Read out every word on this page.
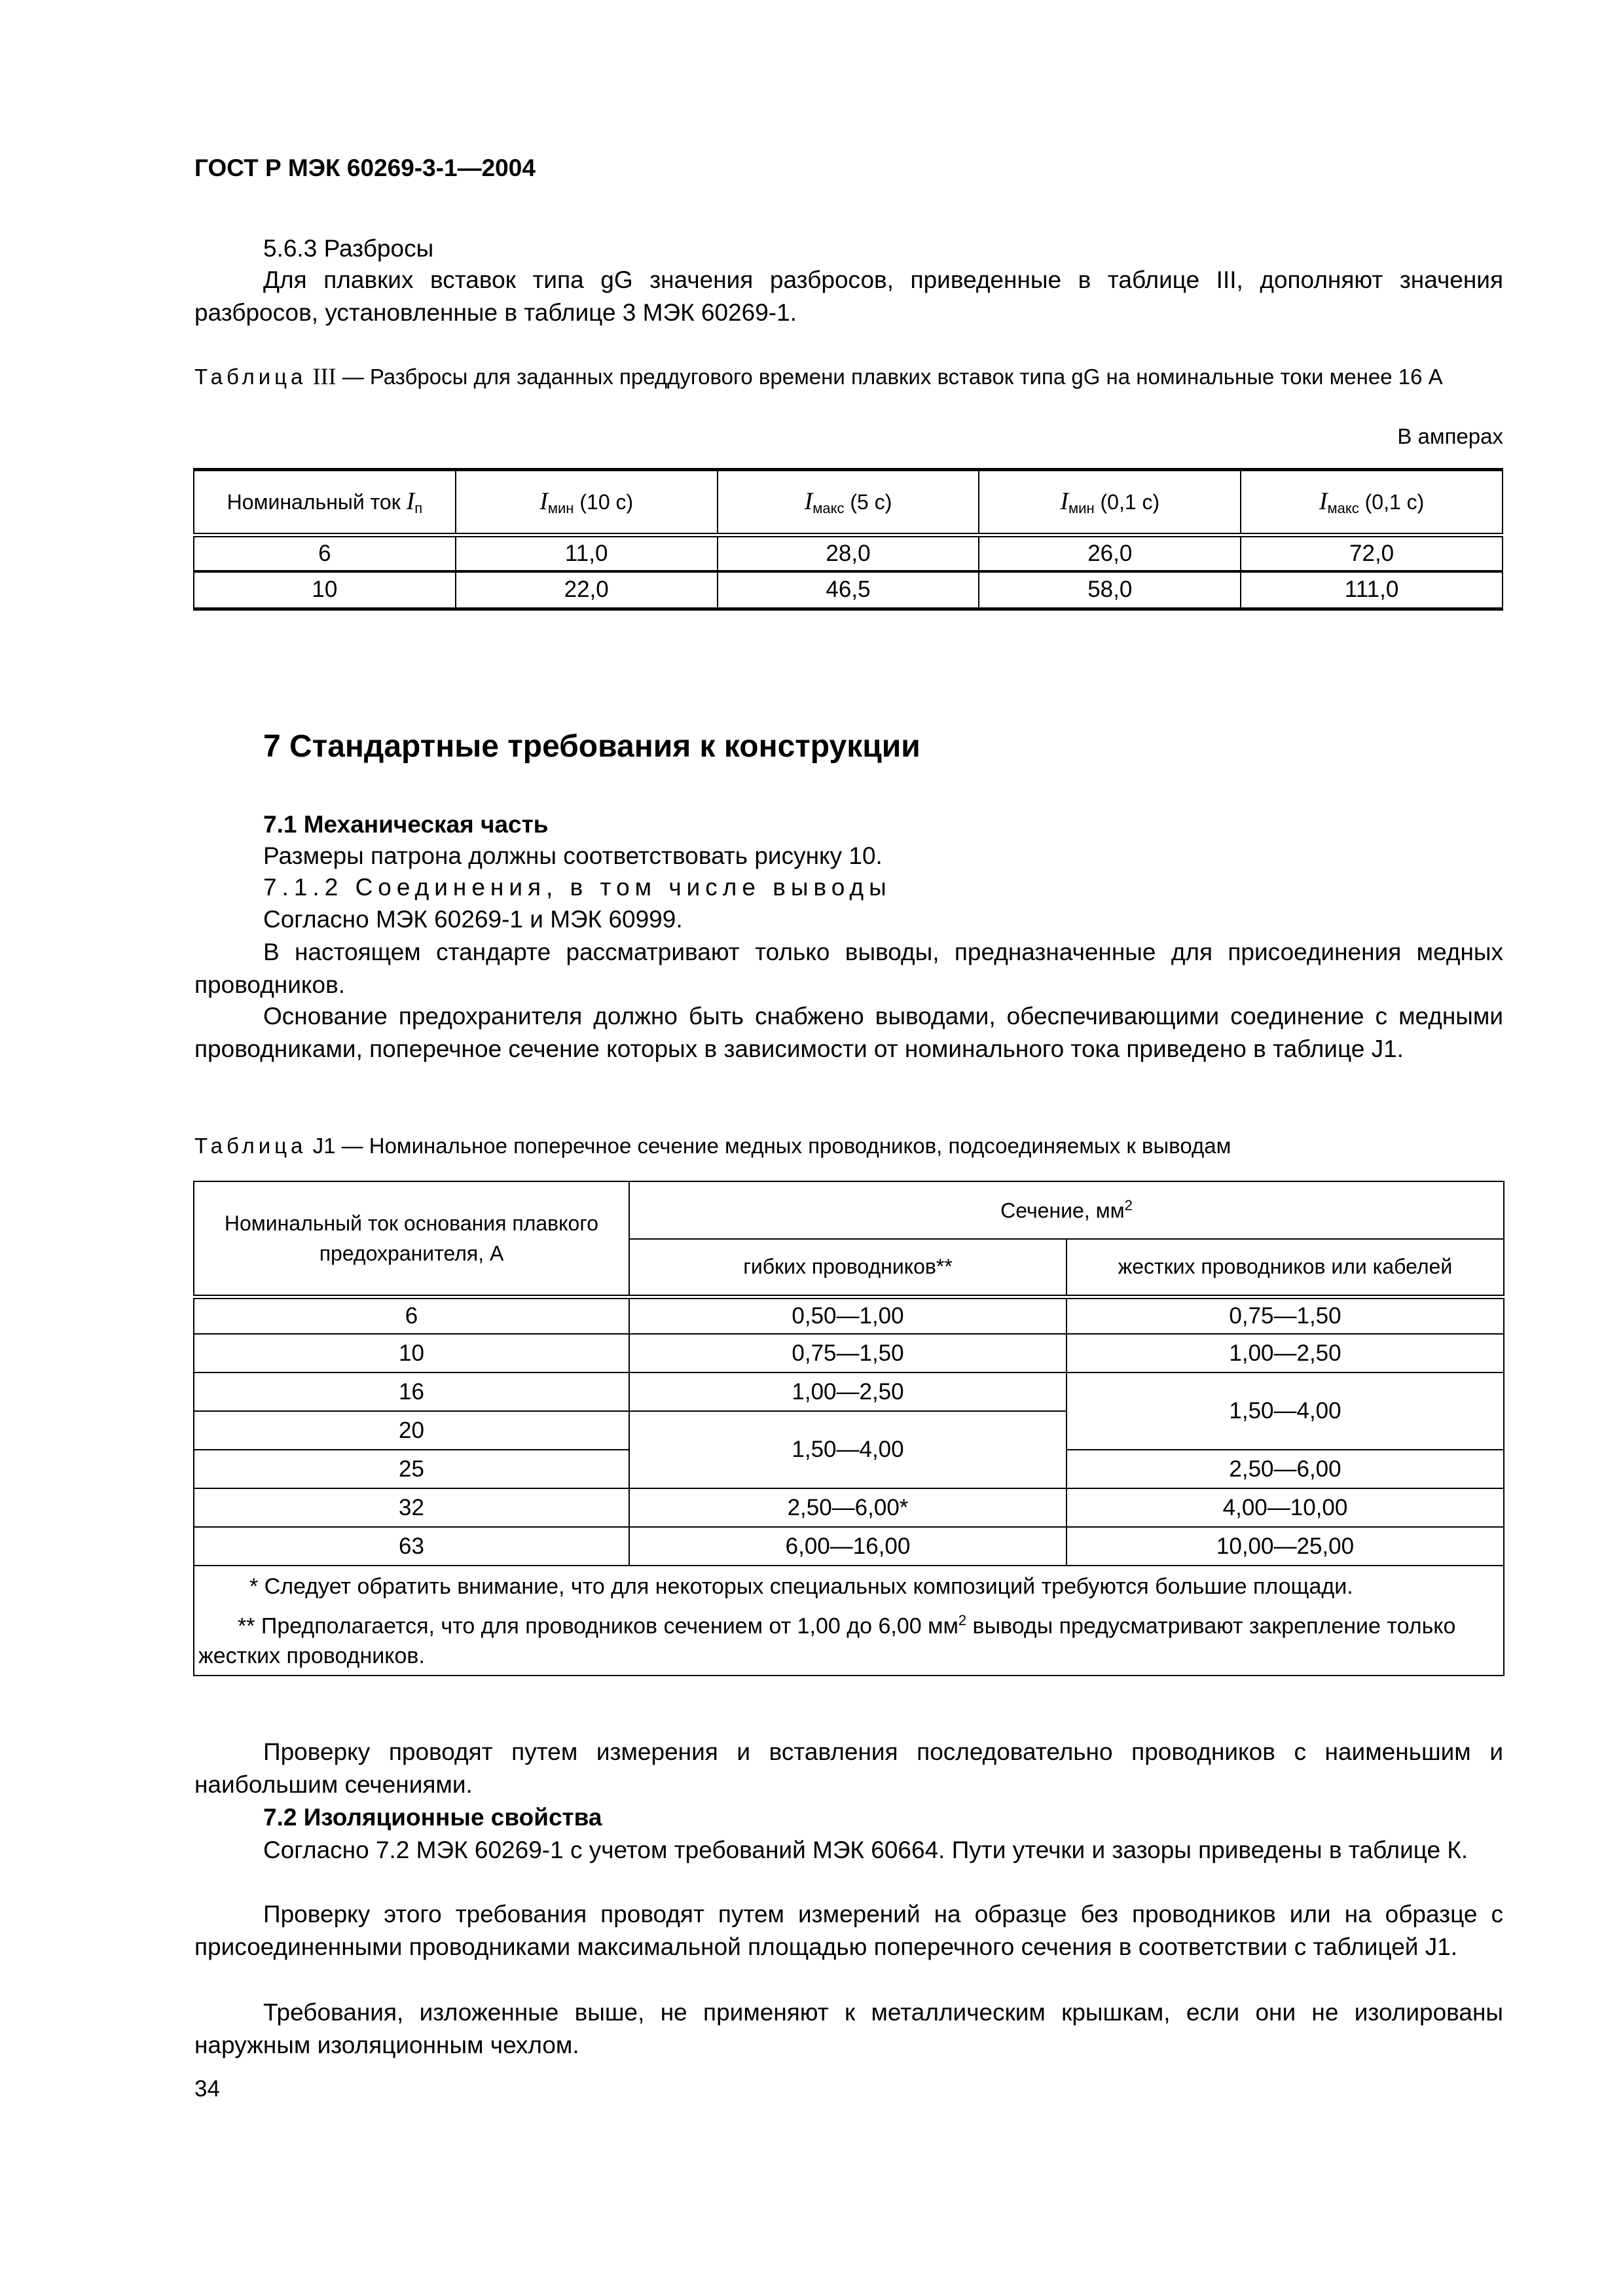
ГОСТ Р МЭК 60269-3-1—2004
5.6.3 Разбросы
Для плавких вставок типа gG значения разбросов, приведенные в таблице III, дополняют значения разбросов, установленные в таблице 3 МЭК 60269-1.
Таблица III — Разбросы для заданных преддугового времени плавких вставок типа gG на номинальные токи менее 16 А
В амперах
Номинальный ток $I_п$	$I_{мин}$ (10 с)	$I_{макс}$ (5 с)	$I_{мин}$ (0,1 с)	$I_{макс}$ (0,1 с)
6	11,0	28,0	26,0	72,0
10	22,0	46,5	58,0	111,0
7 Стандартные требования к конструкции
7.1 Механическая часть
Размеры патрона должны соответствовать рисунку 10.
7.1.2 Соединения, в том числе выводы
Согласно МЭК 60269-1 и МЭК 60999.
В настоящем стандарте рассматривают только выводы, предназначенные для присоединения медных проводников.
Основание предохранителя должно быть снабжено выводами, обеспечивающими соединение с медными проводниками, поперечное сечение которых в зависимости от номинального тока приведено в таблице J1.
Таблица J1 — Номинальное поперечное сечение медных проводников, подсоединяемых к выводам
Номинальный ток основания плавкого предохранителя, А	Сечение, $мм^2$
	гибких проводников**	жестких проводников или кабелей
6	0,50—1,00	0,75—1,50
10	0,75—1,50	1,00—2,50
16	1,00—2,50	1,50—4,00
20	1,50—4,00	
25		2,50—6,00
32	2,50—6,00*	4,00—10,00
63	6,00—16,00	10,00—25,00

* Следует обратить внимание, что для некоторых специальных композиций требуются большие площади.
** Предполагается, что для проводников сечением от 1,00 до 6,00 $мм^2$ выводы предусматривают закрепление только жестких проводников.		
Проверку проводят путем измерения и вставления последовательно проводников с наименьшим и наибольшим сечениями.
7.2 Изоляционные свойства
Согласно 7.2 МЭК 60269-1 с учетом требований МЭК 60664. Пути утечки и зазоры приведены в таблице К.
Проверку этого требования проводят путем измерений на образце без проводников или на образце с присоединенными проводниками максимальной площадью поперечного сечения в соответствии с таблицей J1.
Требования, изложенные выше, не применяют к металлическим крышкам, если они не изолированы наружным изоляционным чехлом.
34
